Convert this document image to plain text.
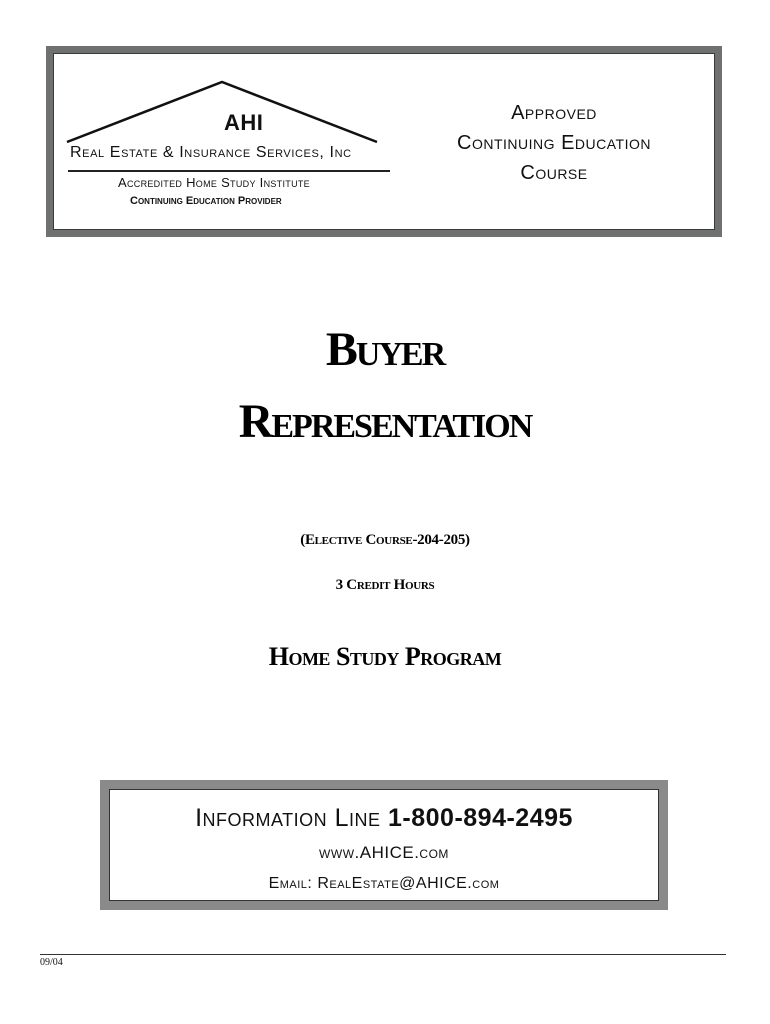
AHI
Real Estate & Insurance Services, Inc
Accredited Home Study Institute
Continuing Education Provider
Approved
Continuing Education
Course
Buyer
Representation
(Elective Course-204-205)
3 Credit Hours
Home Study Program
Information Line 1-800-894-2495
www.AHICE.com
Email: RealEstate@AHICE.com
09/04
